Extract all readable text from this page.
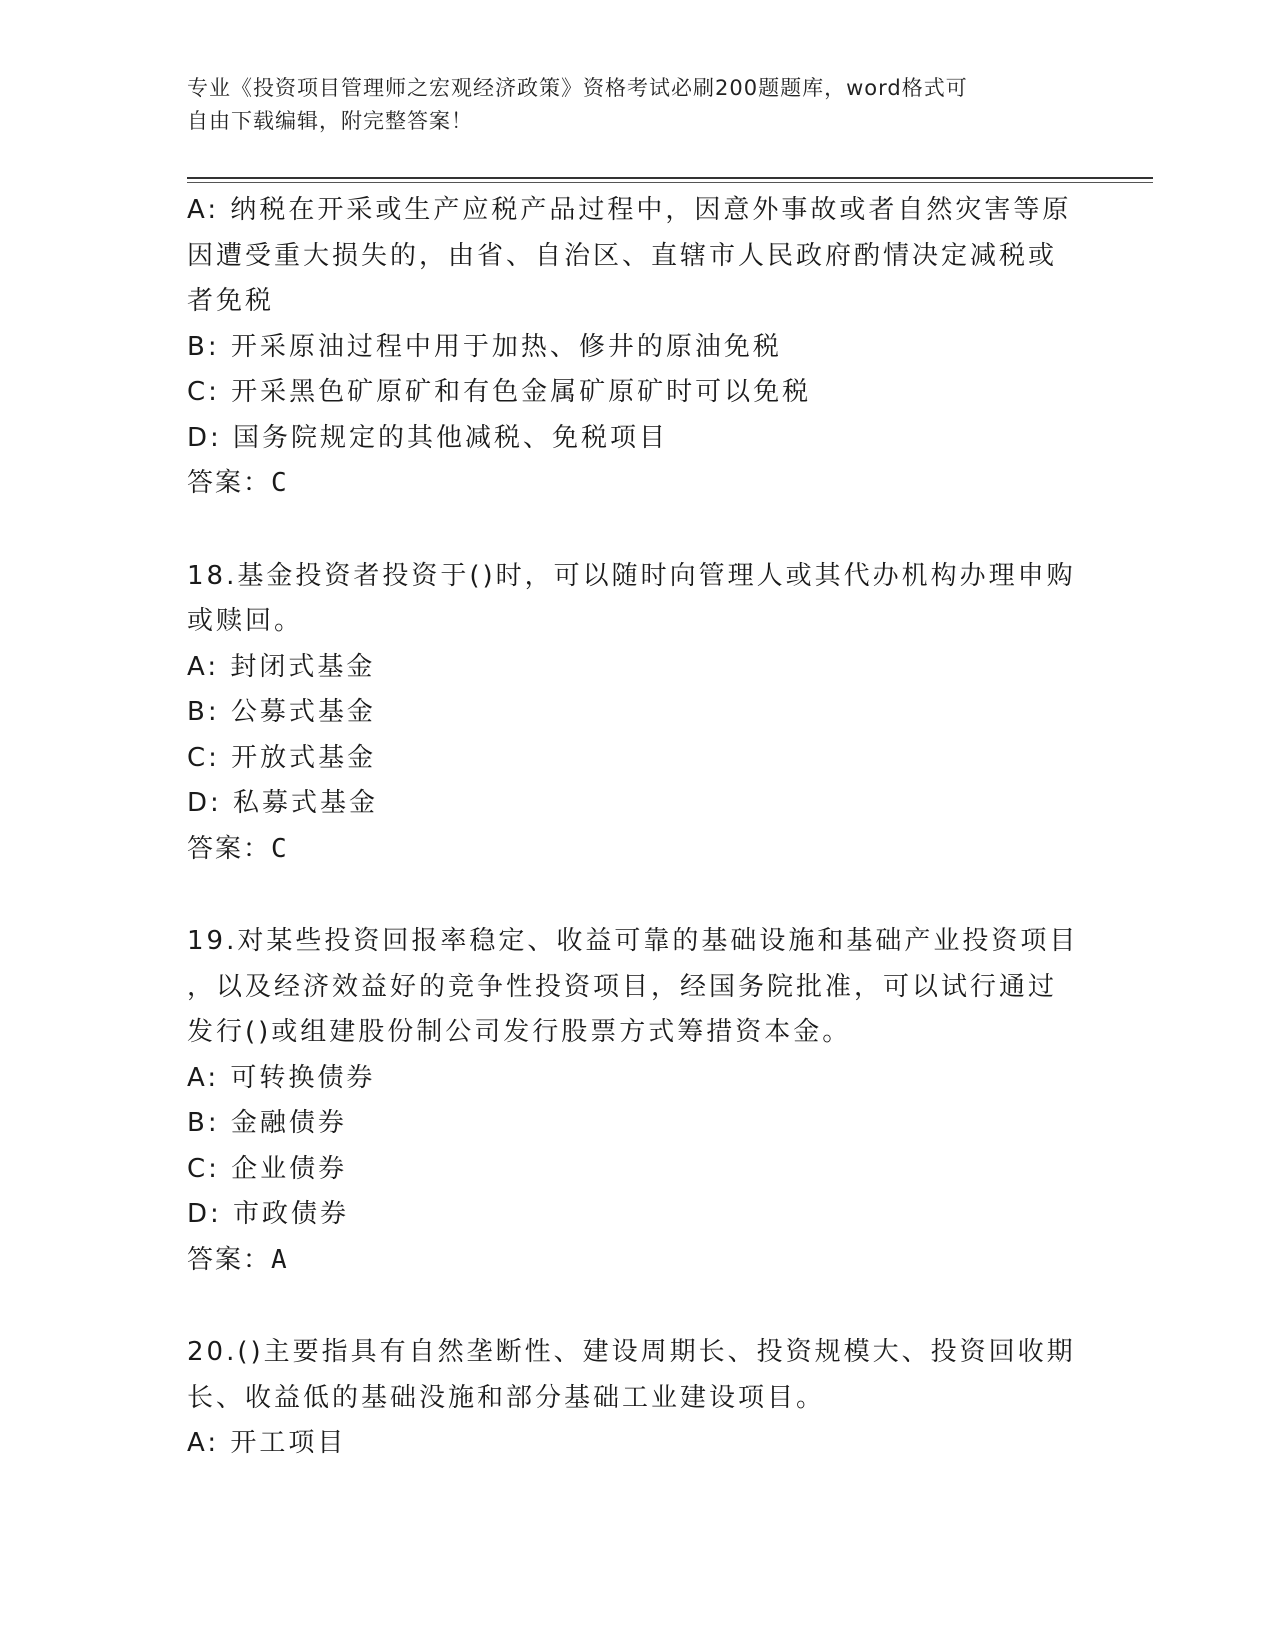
专业《投资项目管理师之宏观经济政策》资格考试必刷200题题库，word格式可
自由下载编辑，附完整答案！
A: 纳税在开采或生产应税产品过程中，因意外事故或者自然灾害等原
因遭受重大损失的，由省、自治区、直辖市人民政府酌情决定减税或
者免税
B: 开采原油过程中用于加热、修井的原油免税
C: 开采黑色矿原矿和有色金属矿原矿时可以免税
D: 国务院规定的其他减税、免税项目
答案：C
18.基金投资者投资于()时，可以随时向管理人或其代办机构办理申购
或赎回。
A: 封闭式基金
B: 公募式基金
C: 开放式基金
D: 私募式基金
答案：C
19.对某些投资回报率稳定、收益可靠的基础设施和基础产业投资项目
，以及经济效益好的竞争性投资项目，经国务院批准，可以试行通过
发行()或组建股份制公司发行股票方式筹措资本金。
A: 可转换债券
B: 金融债券
C: 企业债券
D: 市政债券
答案：A
20.()主要指具有自然垄断性、建设周期长、投资规模大、投资回收期
长、收益低的基础没施和部分基础工业建设项目。
A: 开工项目
